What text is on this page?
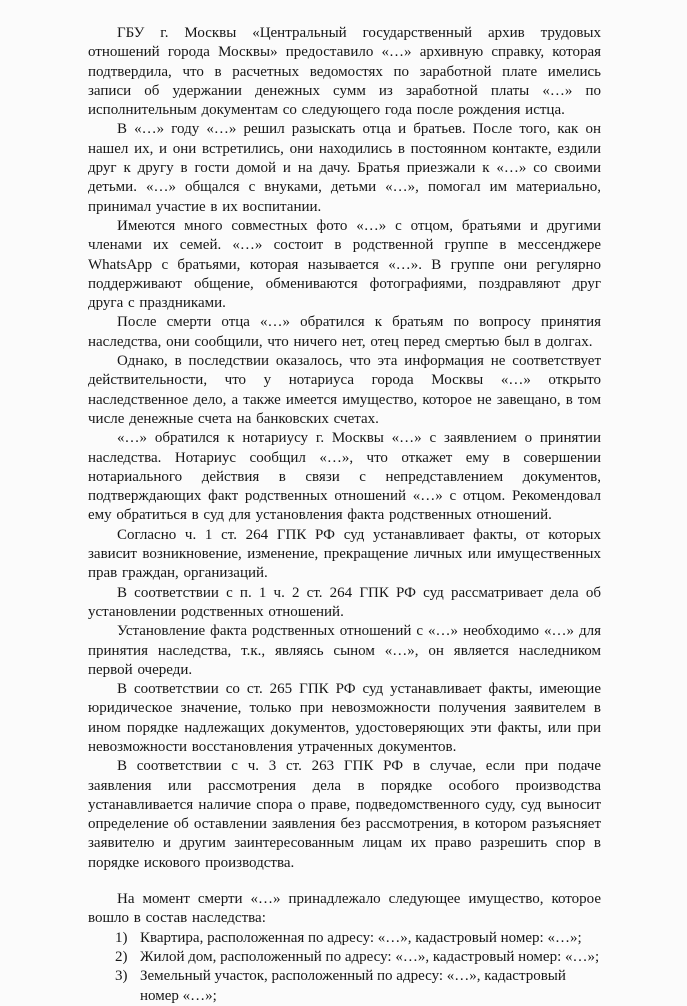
ГБУ г. Москвы «Центральный государственный архив трудовых отношений города Москвы» предоставило «…» архивную справку, которая подтвердила, что в расчетных ведомостях по заработной плате имелись записи об удержании денежных сумм из заработной платы «…» по исполнительным документам со следующего года после рождения истца.

В «…» году «…» решил разыскать отца и братьев. После того, как он нашел их, и они встретились, они находились в постоянном контакте, ездили друг к другу в гости домой и на дачу. Братья приезжали к «…» со своими детьми. «…» общался с внуками, детьми «…», помогал им материально, принимал участие в их воспитании.

Имеются много совместных фото «…» с отцом, братьями и другими членами их семей. «…» состоит в родственной группе в мессенджере WhatsApp с братьями, которая называется «…». В группе они регулярно поддерживают общение, обмениваются фотографиями, поздравляют друг друга с праздниками.

После смерти отца «…» обратился к братьям по вопросу принятия наследства, они сообщили, что ничего нет, отец перед смертью был в долгах.

Однако, в последствии оказалось, что эта информация не соответствует действительности, что у нотариуса города Москвы «…» открыто наследственное дело, а также имеется имущество, которое не завещано, в том числе денежные счета на банковских счетах.

«…» обратился к нотариусу г. Москвы «…» с заявлением о принятии наследства. Нотариус сообщил «…», что откажет ему в совершении нотариального действия в связи с непредставлением документов, подтверждающих факт родственных отношений «…» с отцом. Рекомендовал ему обратиться в суд для установления факта родственных отношений.

Согласно ч. 1 ст. 264 ГПК РФ суд устанавливает факты, от которых зависит возникновение, изменение, прекращение личных или имущественных прав граждан, организаций.

В соответствии с п. 1 ч. 2 ст. 264 ГПК РФ суд рассматривает дела об установлении родственных отношений.

Установление факта родственных отношений с «…» необходимо «…» для принятия наследства, т.к., являясь сыном «…», он является наследником первой очереди.

В соответствии со ст. 265 ГПК РФ суд устанавливает факты, имеющие юридическое значение, только при невозможности получения заявителем в ином порядке надлежащих документов, удостоверяющих эти факты, или при невозможности восстановления утраченных документов.

В соответствии с ч. 3 ст. 263 ГПК РФ в случае, если при подаче заявления или рассмотрения дела в порядке особого производства устанавливается наличие спора о праве, подведомственного суду, суд выносит определение об оставлении заявления без рассмотрения, в котором разъясняет заявителю и другим заинтересованным лицам их право разрешить спор в порядке искового производства.

На момент смерти «…» принадлежало следующее имущество, которое вошло в состав наследства:

1) Квартира, расположенная по адресу: «…», кадастровый номер: «…»;
2) Жилой дом, расположенный по адресу: «…», кадастровый номер: «…»;
3) Земельный участок, расположенный по адресу: «…», кадастровый номер «…»;
